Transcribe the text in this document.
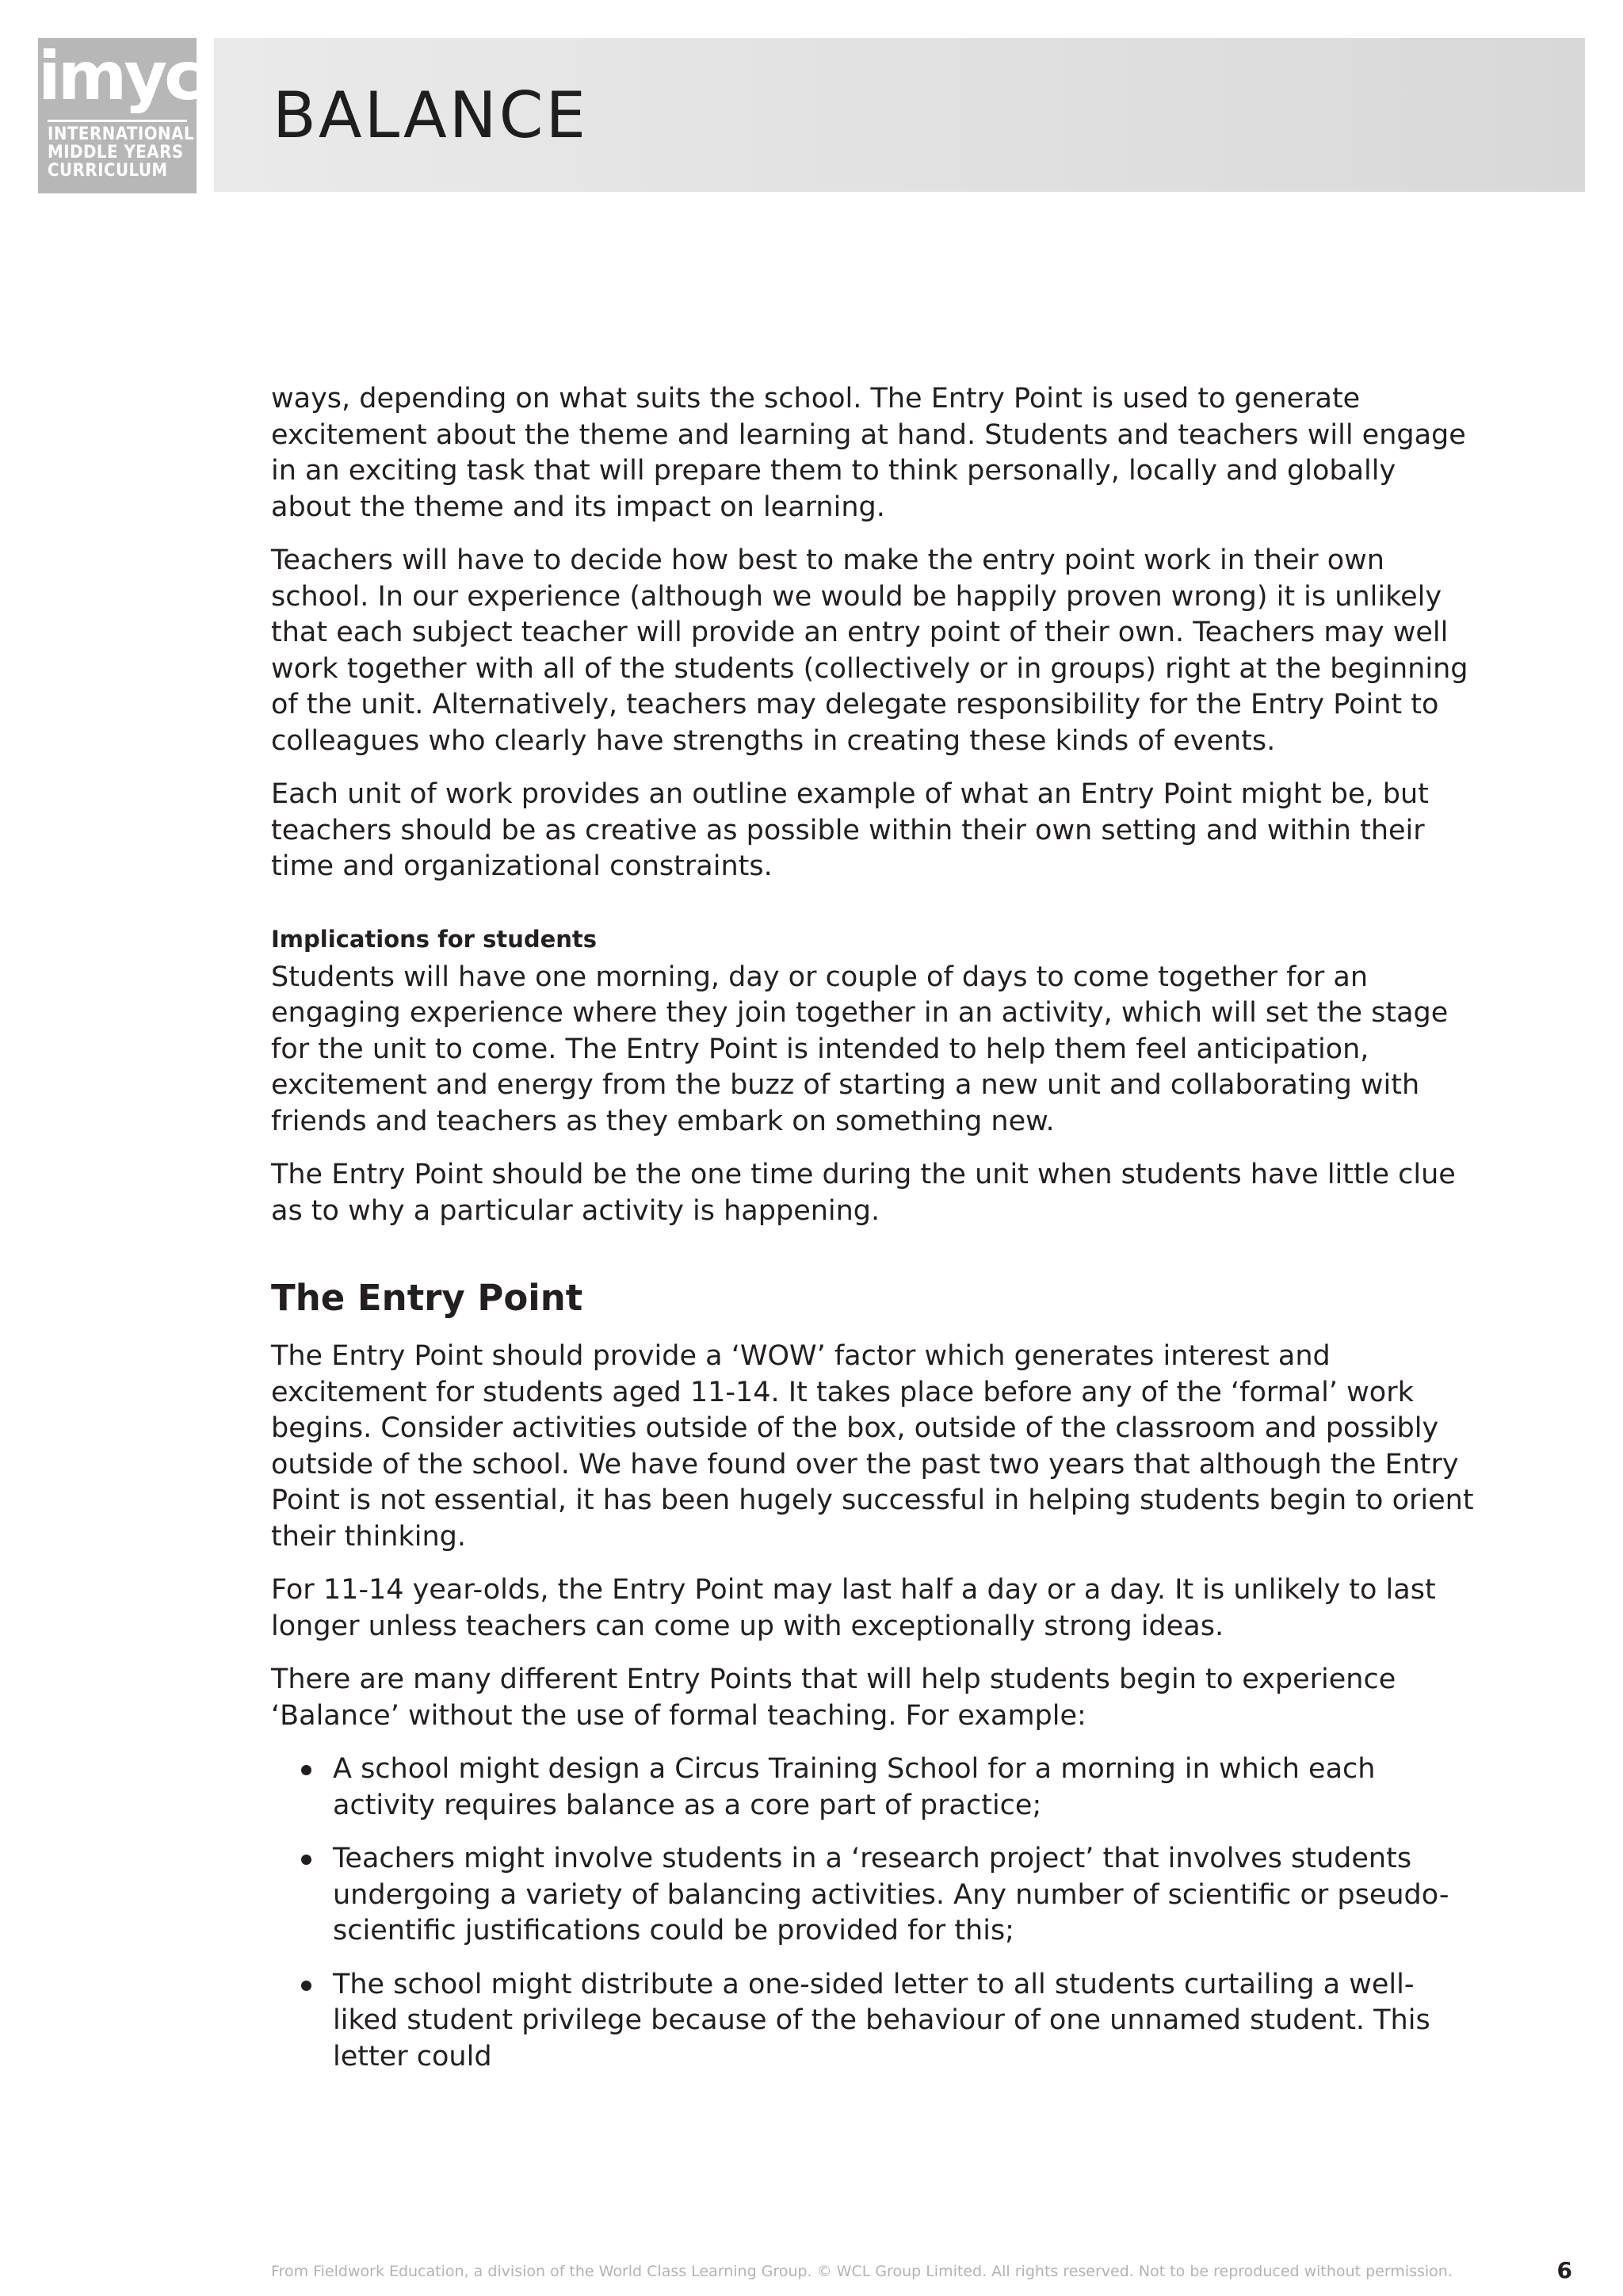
imyc
INTERNATIONAL
MIDDLE YEARS
CURRICULUM
BALANCE

ways, depending on what suits the school. The Entry Point is used to generate excitement about the theme and learning at hand. Students and teachers will engage in an exciting task that will prepare them to think personally, locally and globally about the theme and its impact on learning.

Teachers will have to decide how best to make the entry point work in their own school. In our experience (although we would be happily proven wrong) it is unlikely that each subject teacher will provide an entry point of their own. Teachers may well work together with all of the students (collectively or in groups) right at the beginning of the unit. Alternatively, teachers may delegate responsibility for the Entry Point to colleagues who clearly have strengths in creating these kinds of events.

Each unit of work provides an outline example of what an Entry Point might be, but teachers should be as creative as possible within their own setting and within their time and organizational constraints.

Implications for students

Students will have one morning, day or couple of days to come together for an engaging experience where they join together in an activity, which will set the stage for the unit to come. The Entry Point is intended to help them feel anticipation, excitement and energy from the buzz of starting a new unit and collaborating with friends and teachers as they embark on something new.

The Entry Point should be the one time during the unit when students have little clue as to why a particular activity is happening.

The Entry Point

The Entry Point should provide a ‘WOW’ factor which generates interest and excitement for students aged 11-14. It takes place before any of the ‘formal’ work begins. Consider activities outside of the box, outside of the classroom and possibly outside of the school. We have found over the past two years that although the Entry Point is not essential, it has been hugely successful in helping students begin to orient their thinking.

For 11-14 year-olds, the Entry Point may last half a day or a day. It is unlikely to last longer unless teachers can come up with exceptionally strong ideas.

There are many different Entry Points that will help students begin to experience ‘Balance’ without the use of formal teaching. For example:

A school might design a Circus Training School for a morning in which each activity requires balance as a core part of practice;
Teachers might involve students in a ‘research project’ that involves students undergoing a variety of balancing activities. Any number of scientific or pseudo-scientific justifications could be provided for this;
The school might distribute a one-sided letter to all students curtailing a well-liked student privilege because of the behaviour of one unnamed student. This letter could
From Fieldwork Education, a division of the World Class Learning Group. © WCL Group Limited. All rights reserved. Not to be reproduced without permission.	6
